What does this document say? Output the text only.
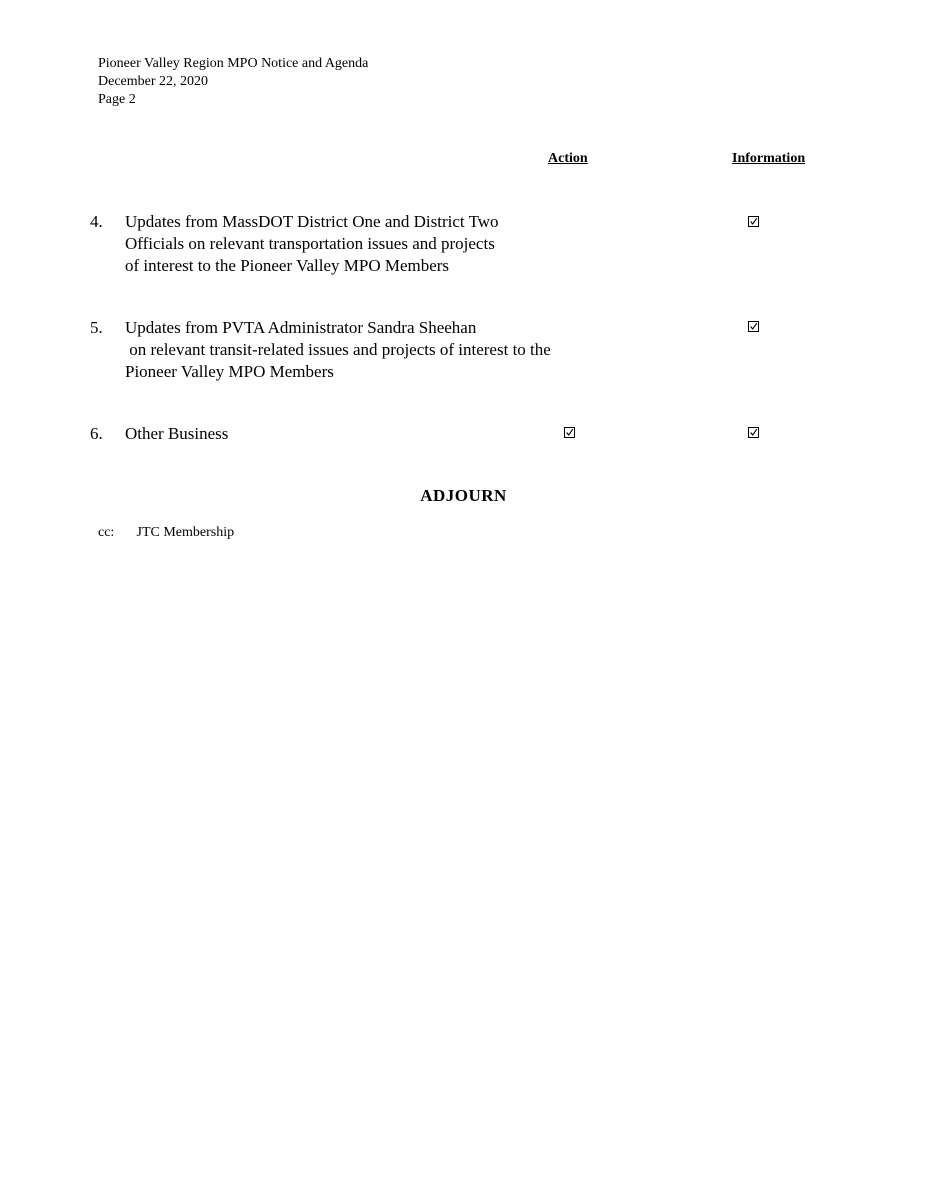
Pioneer Valley Region MPO Notice and Agenda
December 22, 2020
Page 2
Action	Information
4. Updates from MassDOT District One and District Two
Officials on relevant transportation issues and projects
of interest to the Pioneer Valley MPO Members
5. Updates from PVTA Administrator Sandra Sheehan
on relevant transit-related issues and projects of interest to the
Pioneer Valley MPO Members
6. Other Business
ADJOURN
cc: JTC Membership
